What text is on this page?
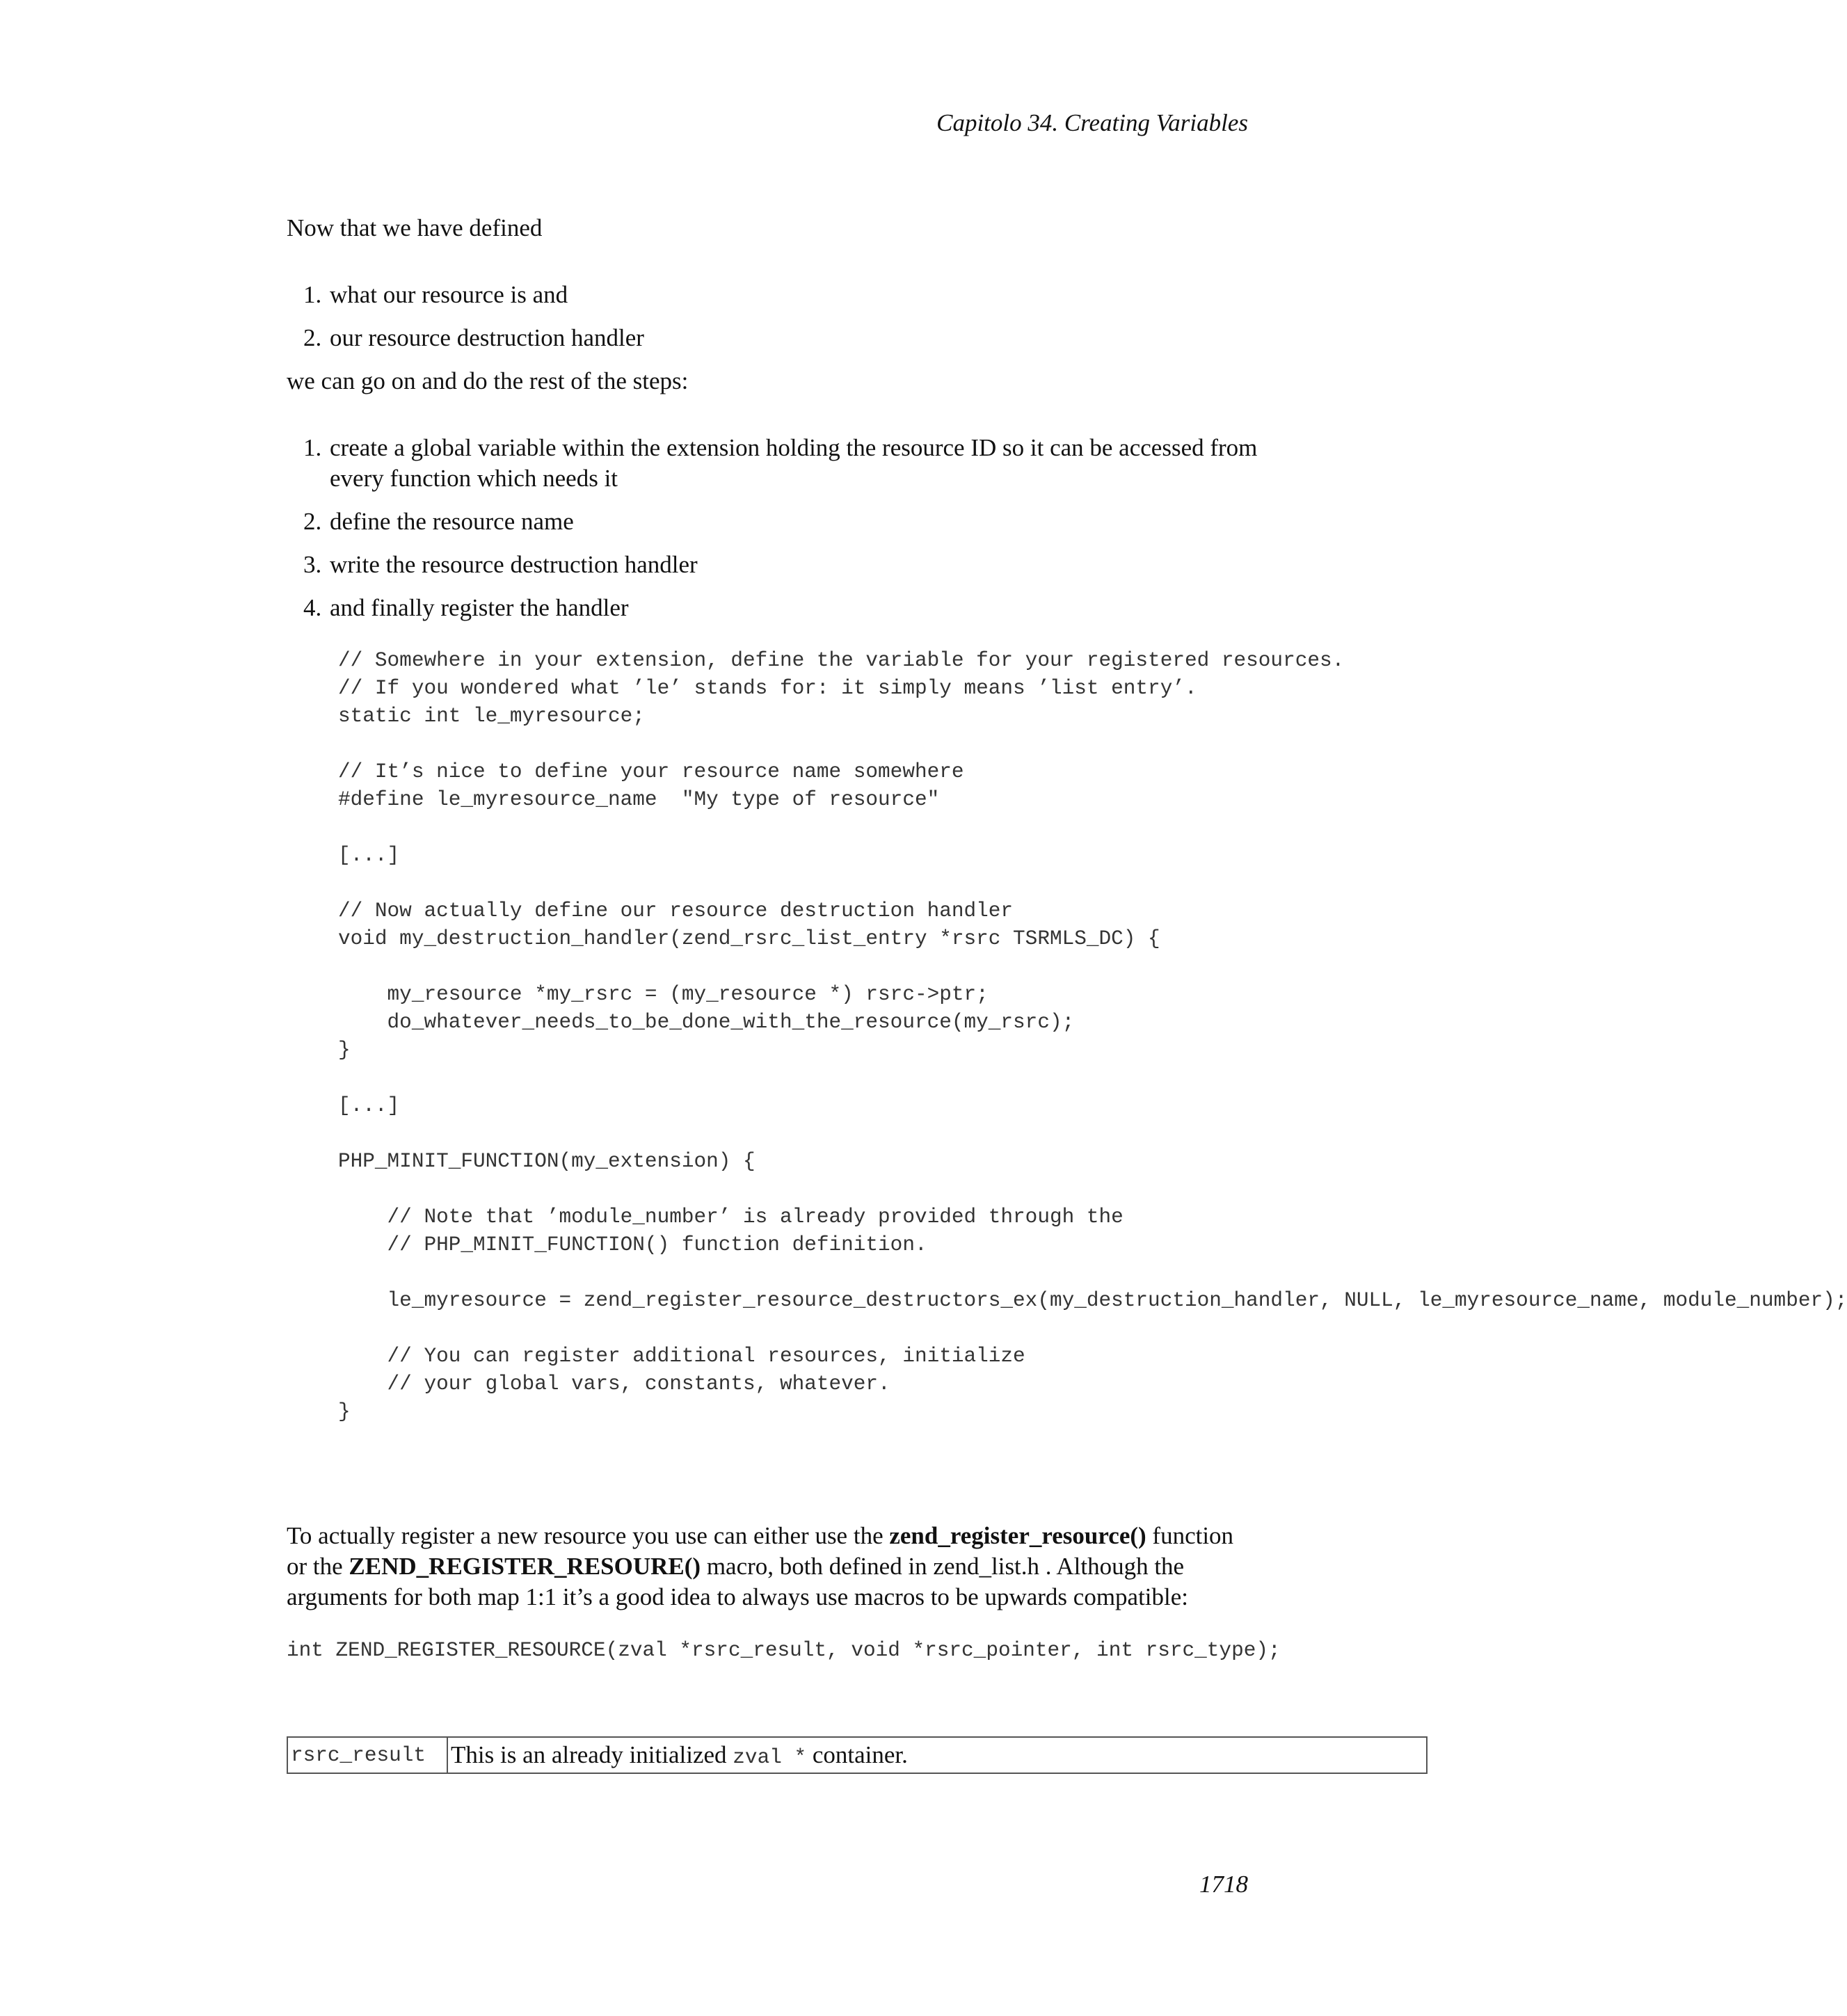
Capitolo 34. Creating Variables
Now that we have defined
1. what our resource is and
2. our resource destruction handler
we can go on and do the rest of the steps:
1. create a global variable within the extension holding the resource ID so it can be accessed from
every function which needs it
2. define the resource name
3. write the resource destruction handler
4. and finally register the handler
// Somewhere in your extension, define the variable for your registered resources.
// If you wondered what ’le’ stands for: it simply means ’list entry’.
static int le_myresource;

// It’s nice to define your resource name somewhere
#define le_myresource_name  "My type of resource"

[...]

// Now actually define our resource destruction handler
void my_destruction_handler(zend_rsrc_list_entry *rsrc TSRMLS_DC) {

my_resource *my_rsrc = (my_resource *) rsrc->ptr;
do_whatever_needs_to_be_done_with_the_resource(my_rsrc);
}

[...]

PHP_MINIT_FUNCTION(my_extension) {

// Note that ’module_number’ is already provided through the
// PHP_MINIT_FUNCTION() function definition.

le_myresource = zend_register_resource_destructors_ex(my_destruction_handler, NULL, le_myresource_name, module_number);

// You can register additional resources, initialize
// your global vars, constants, whatever.
}
To actually register a new resource you use can either use the zend_register_resource() function or the ZEND_REGISTER_RESOURE() macro, both defined in zend_list.h . Although the arguments for both map 1:1 it’s a good idea to always use macros to be upwards compatible:
int ZEND_REGISTER_RESOURCE(zval *rsrc_result, void *rsrc_pointer, int rsrc_type);
rsrc_result	This is an already initialized zval * container.
1718
